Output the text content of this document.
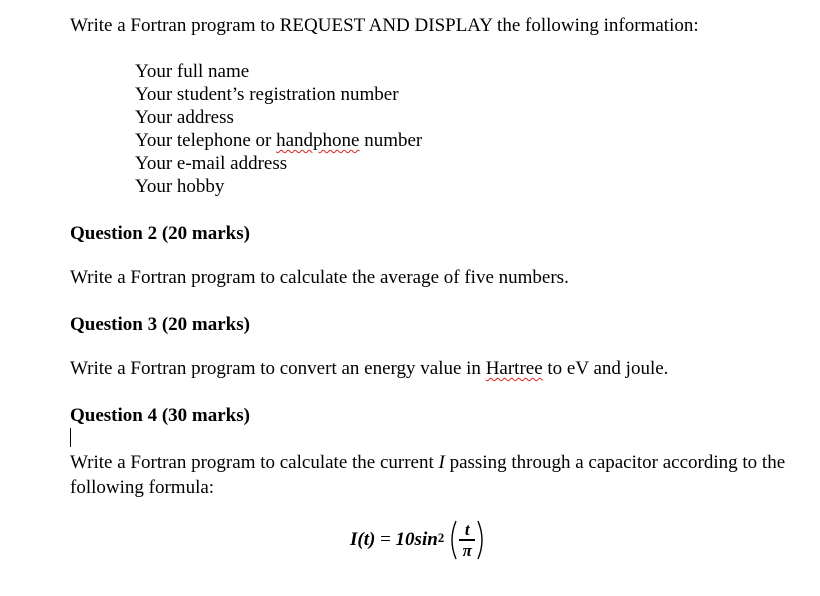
Write a Fortran program to REQUEST AND DISPLAY the following information:
Your full name
Your student’s registration number
Your address
Your telephone or handphone number
Your e-mail address
Your hobby
Question 2 (20 marks)
Write a Fortran program to calculate the average of five numbers.
Question 3 (20 marks)
Write a Fortran program to convert an energy value in Hartree to eV and joule.
Question 4 (30 marks)
Write a Fortran program to calculate the current I passing through a capacitor according to the following formula:
I(t) = 10sin $2 \frac{t}{\pi}$
